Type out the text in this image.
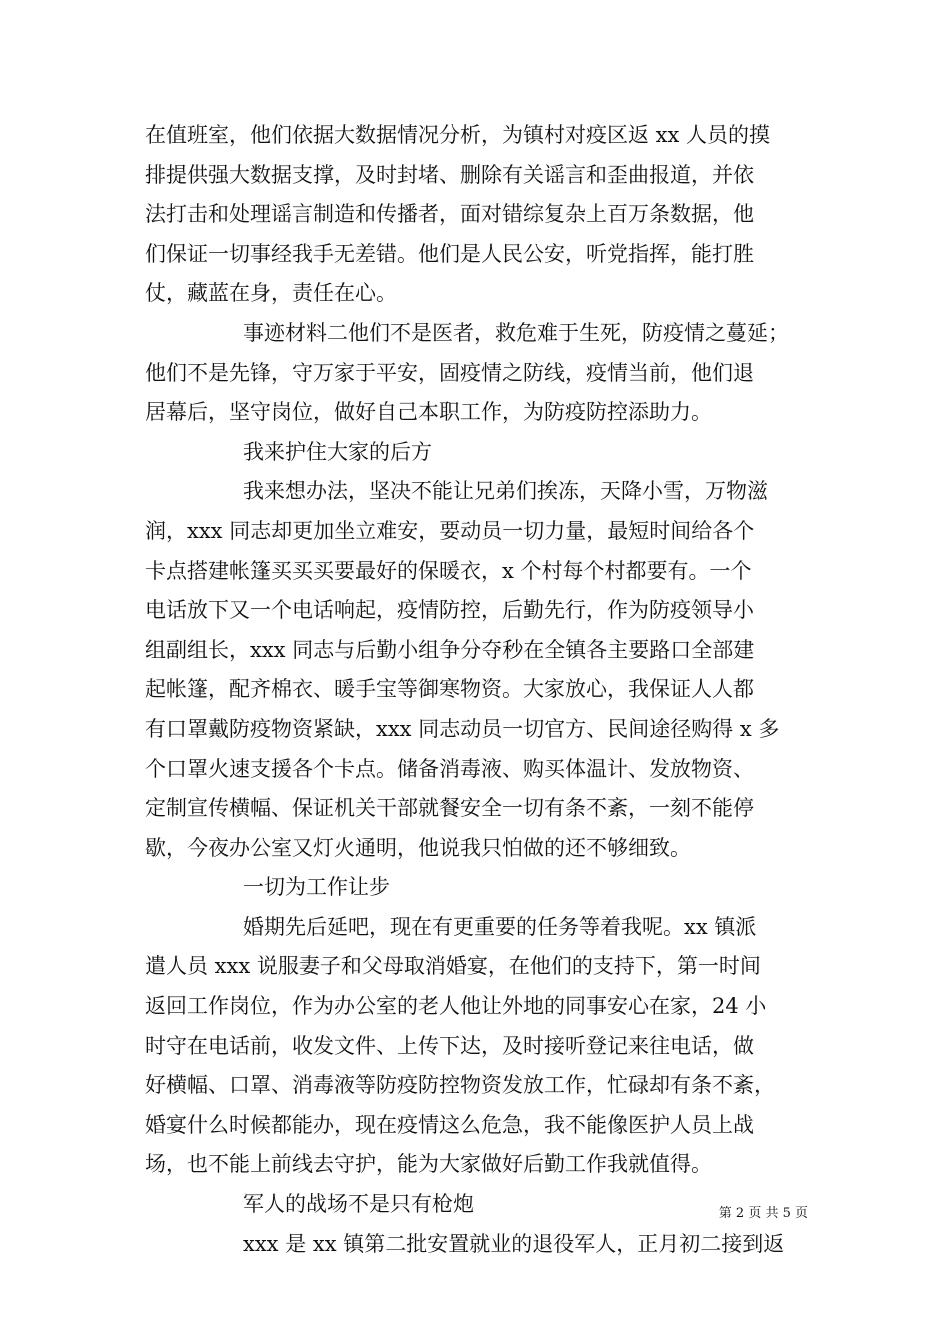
在值班室，他们依据大数据情况分析，为镇村对疫区返 xx 人员的摸
排提供强大数据支撑，及时封堵、删除有关谣言和歪曲报道，并依
法打击和处理谣言制造和传播者，面对错综复杂上百万条数据，他
们保证一切事经我手无差错。他们是人民公安，听党指挥，能打胜
仗，藏蓝在身，责任在心。
事迹材料二他们不是医者，救危难于生死，防疫情之蔓延；
他们不是先锋，守万家于平安，固疫情之防线，疫情当前，他们退
居幕后，坚守岗位，做好自己本职工作，为防疫防控添助力。
我来护住大家的后方
我来想办法，坚决不能让兄弟们挨冻，天降小雪，万物滋
润，xxx 同志却更加坐立难安，要动员一切力量，最短时间给各个
卡点搭建帐篷买买买要最好的保暖衣，x 个村每个村都要有。一个
电话放下又一个电话响起，疫情防控，后勤先行，作为防疫领导小
组副组长，xxx 同志与后勤小组争分夺秒在全镇各主要路口全部建
起帐篷，配齐棉衣、暖手宝等御寒物资。大家放心，我保证人人都
有口罩戴防疫物资紧缺，xxx 同志动员一切官方、民间途径购得 x 多
个口罩火速支援各个卡点。储备消毒液、购买体温计、发放物资、
定制宣传横幅、保证机关干部就餐安全一切有条不紊，一刻不能停
歇，今夜办公室又灯火通明，他说我只怕做的还不够细致。
一切为工作让步
婚期先后延吧，现在有更重要的任务等着我呢。xx 镇派
遣人员 xxx 说服妻子和父母取消婚宴，在他们的支持下，第一时间
返回工作岗位，作为办公室的老人他让外地的同事安心在家，24 小
时守在电话前，收发文件、上传下达，及时接听登记来往电话，做
好横幅、口罩、消毒液等防疫防控物资发放工作，忙碌却有条不紊，
婚宴什么时候都能办，现在疫情这么危急，我不能像医护人员上战
场，也不能上前线去守护，能为大家做好后勤工作我就值得。
军人的战场不是只有枪炮
xxx 是 xx 镇第二批安置就业的退役军人，正月初二接到返
第 2 页 共 5 页
